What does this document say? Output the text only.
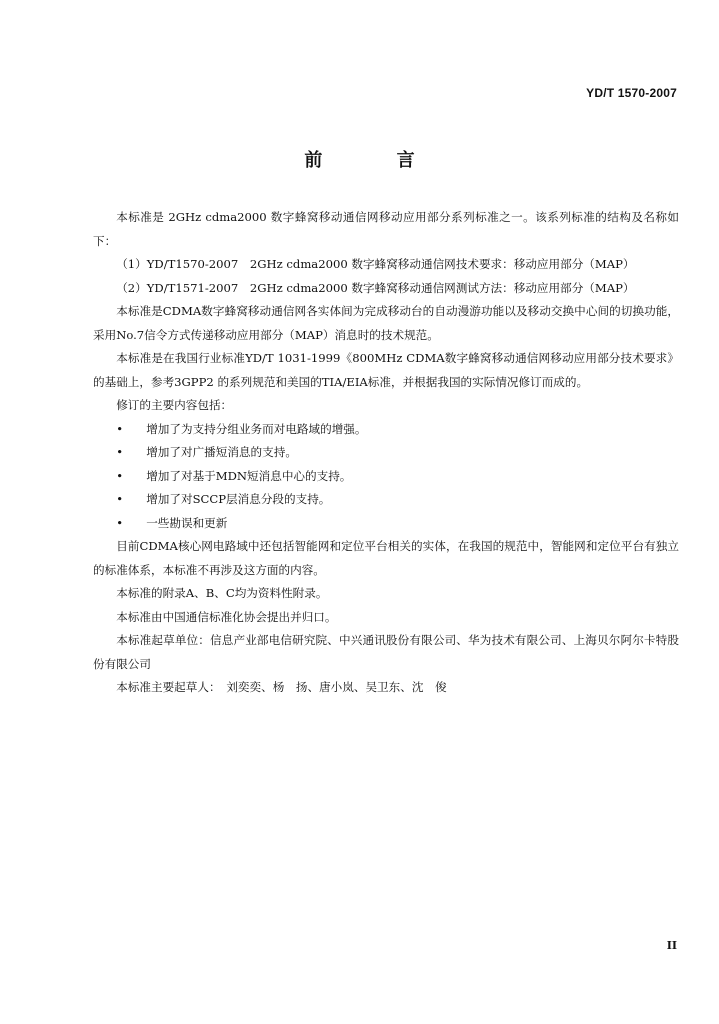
YD/T 1570-2007
前 言

本标准是 2GHz cdma2000 数字蜂窝移动通信网移动应用部分系列标准之一。该系列标准的结构及名称如下：

（1）YD/T1570-2007　2GHz cdma2000 数字蜂窝移动通信网技术要求：移动应用部分（MAP）

（2）YD/T1571-2007　2GHz cdma2000 数字蜂窝移动通信网测试方法：移动应用部分（MAP）

本标准是CDMA数字蜂窝移动通信网各实体间为完成移动台的自动漫游功能以及移动交换中心间的切换功能，采用No.7信令方式传递移动应用部分（MAP）消息时的技术规范。

本标准是在我国行业标准YD/T 1031-1999《800MHz CDMA数字蜂窝移动通信网移动应用部分技术要求》的基础上，参考3GPP2 的系列规范和美国的TIA/EIA标准，并根据我国的实际情况修订而成的。

修订的主要内容包括：

• 增加了为支持分组业务而对电路域的增强。

• 增加了对广播短消息的支持。

• 增加了对基于MDN短消息中心的支持。

• 增加了对SCCP层消息分段的支持。

• 一些勘误和更新

目前CDMA核心网电路域中还包括智能网和定位平台相关的实体，在我国的规范中，智能网和定位平台有独立的标准体系，本标准不再涉及这方面的内容。

本标准的附录A、B、C均为资料性附录。

本标准由中国通信标准化协会提出并归口。

本标准起草单位：信息产业部电信研究院、中兴通讯股份有限公司、华为技术有限公司、上海贝尔阿尔卡特股份有限公司

本标准主要起草人：　刘奕奕、杨　扬、唐小岚、吴卫东、沈　俊

II
